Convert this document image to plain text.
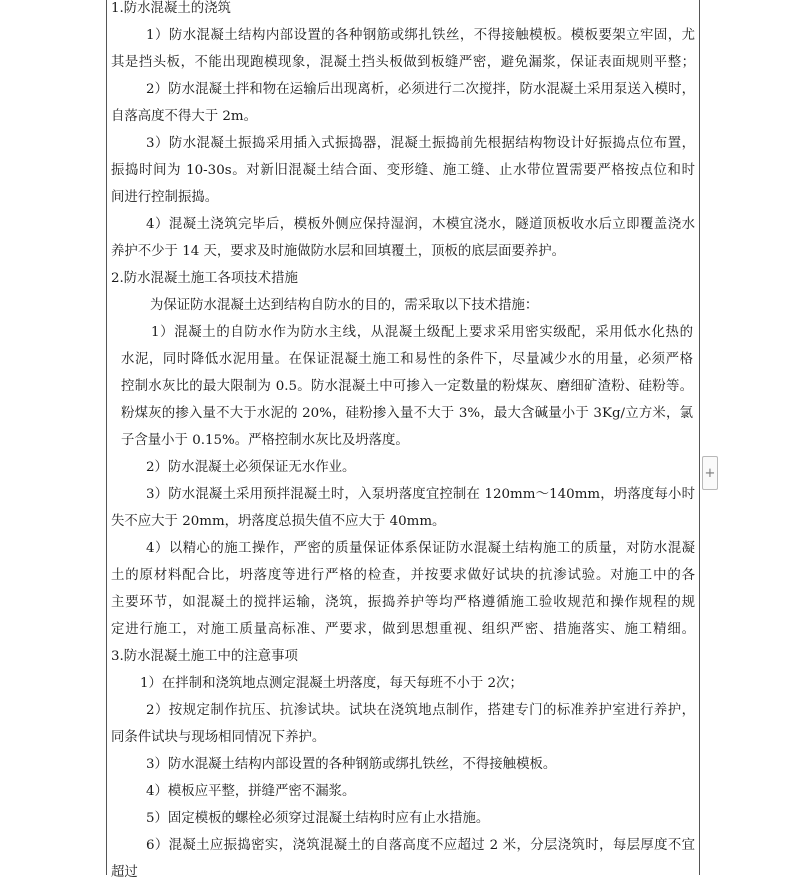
1.防水混凝土的浇筑
1）防水混凝土结构内部设置的各种钢筋或绑扎铁丝，不得接触模板。模板要架立牢固，尤
其是挡头板，不能出现跑模现象，混凝土挡头板做到板缝严密，避免漏浆，保证表面规则平整；
2）防水混凝土拌和物在运输后出现离析，必须进行二次搅拌，防水混凝土采用泵送入模时，
自落高度不得大于 2m。
3）防水混凝土振捣采用插入式振捣器，混凝土振捣前先根据结构物设计好振捣点位布置，
振捣时间为 10-30s。对新旧混凝土结合面、变形缝、施工缝、止水带位置需要严格按点位和时
间进行控制振捣。
4）混凝土浇筑完毕后，模板外侧应保持湿润，木模宜浇水，隧道顶板收水后立即覆盖浇水
养护不少于 14 天，要求及时施做防水层和回填覆土，顶板的底层面要养护。
2.防水混凝土施工各项技术措施
为保证防水混凝土达到结构自防水的目的，需采取以下技术措施：
1）混凝土的自防水作为防水主线，从混凝土级配上要求采用密实级配，采用低水化热的
水泥，同时降低水泥用量。在保证混凝土施工和易性的条件下，尽量减少水的用量，必须严格
控制水灰比的最大限制为 0.5。防水混凝土中可掺入一定数量的粉煤灰、磨细矿渣粉、硅粉等。
粉煤灰的掺入量不大于水泥的 20%，硅粉掺入量不大于 3%，最大含碱量小于 3Kg/立方米，氯
子含量小于 0.15%。严格控制水灰比及坍落度。
2）防水混凝土必须保证无水作业。
3）防水混凝土采用预拌混凝土时，入泵坍落度宜控制在 120mm～140mm，坍落度每小时
失不应大于 20mm，坍落度总损失值不应大于 40mm。
4）以精心的施工操作，严密的质量保证体系保证防水混凝土结构施工的质量，对防水混凝
土的原材料配合比，坍落度等进行严格的检查，并按要求做好试块的抗渗试验。对施工中的各
主要环节，如混凝土的搅拌运输，浇筑，振捣养护等均严格遵循施工验收规范和操作规程的规
定进行施工，对施工质量高标准、严要求，做到思想重视、组织严密、措施落实、施工精细。
3.防水混凝土施工中的注意事项
1）在拌制和浇筑地点测定混凝土坍落度，每天每班不小于 2次；
2）按规定制作抗压、抗渗试块。试块在浇筑地点制作，搭建专门的标准养护室进行养护，
同条件试块与现场相同情况下养护。
3）防水混凝土结构内部设置的各种钢筋或绑扎铁丝，不得接触模板。
4）模板应平整，拼缝严密不漏浆。
5）固定模板的螺栓必须穿过混凝土结构时应有止水措施。
6）混凝土应振捣密实，浇筑混凝土的自落高度不应超过 2 米，分层浇筑时，每层厚度不宜
超过
+
